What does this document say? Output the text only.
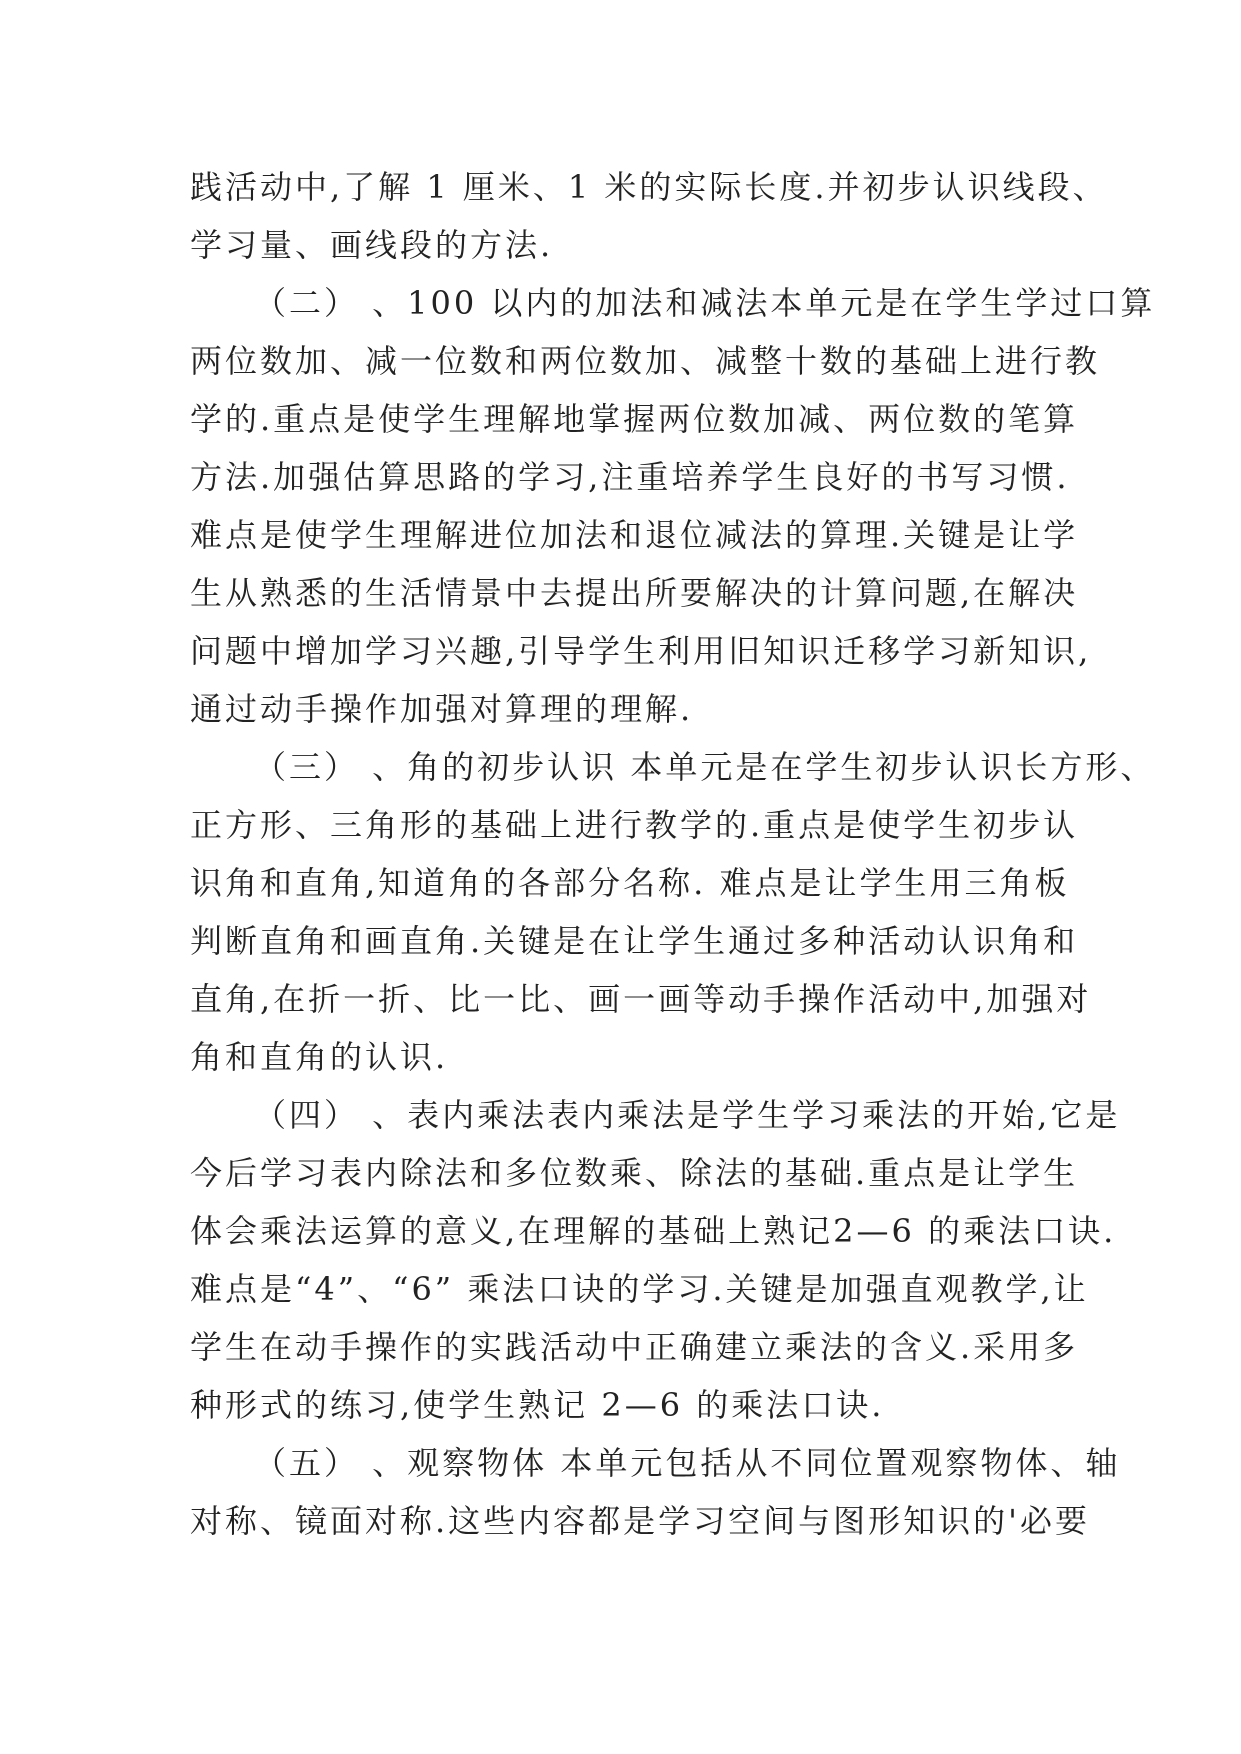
践活动中,了解 1 厘米、1 米的实际长度.并初步认识线段、
学习量、画线段的方法.
（二） 、100 以内的加法和减法本单元是在学生学过口算
两位数加、减一位数和两位数加、减整十数的基础上进行教
学的.重点是使学生理解地掌握两位数加减、两位数的笔算
方法.加强估算思路的学习,注重培养学生良好的书写习惯.
难点是使学生理解进位加法和退位减法的算理.关键是让学
生从熟悉的生活情景中去提出所要解决的计算问题,在解决
问题中增加学习兴趣,引导学生利用旧知识迁移学习新知识,
通过动手操作加强对算理的理解.
（三） 、角的初步认识 本单元是在学生初步认识长方形、
正方形、三角形的基础上进行教学的.重点是使学生初步认
识角和直角,知道角的各部分名称. 难点是让学生用三角板
判断直角和画直角.关键是在让学生通过多种活动认识角和
直角,在折一折、比一比、画一画等动手操作活动中,加强对
角和直角的认识.
（四） 、表内乘法表内乘法是学生学习乘法的开始,它是
今后学习表内除法和多位数乘、除法的基础.重点是让学生
体会乘法运算的意义,在理解的基础上熟记2—6 的乘法口诀.
难点是“4”、“6” 乘法口诀的学习.关键是加强直观教学,让
学生在动手操作的实践活动中正确建立乘法的含义.采用多
种形式的练习,使学生熟记 2—6 的乘法口诀.
（五） 、观察物体 本单元包括从不同位置观察物体、轴
对称、镜面对称.这些内容都是学习空间与图形知识的'必要
